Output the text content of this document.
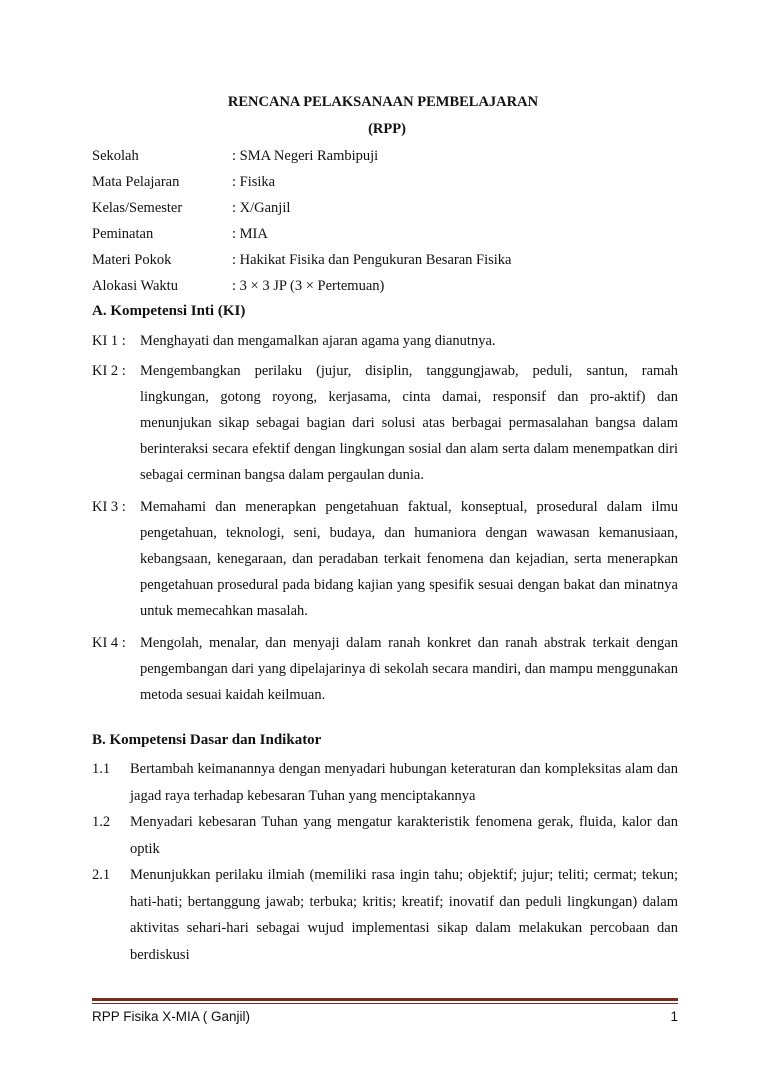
RENCANA PELAKSANAAN PEMBELAJARAN
(RPP)
Sekolah	: SMA Negeri Rambipuji
Mata Pelajaran	: Fisika
Kelas/Semester	: X/Ganjil
Peminatan	: MIA
Materi Pokok	: Hakikat Fisika dan Pengukuran Besaran Fisika
Alokasi Waktu	: 3 × 3 JP (3 × Pertemuan)
A. Kompetensi Inti (KI)
KI 1 : Menghayati dan mengamalkan ajaran agama yang dianutnya.
KI 2 : Mengembangkan perilaku (jujur, disiplin, tanggungjawab, peduli, santun, ramah lingkungan, gotong royong, kerjasama, cinta damai, responsif dan pro-aktif) dan menunjukan sikap sebagai bagian dari solusi atas berbagai permasalahan bangsa dalam berinteraksi secara efektif dengan lingkungan sosial dan alam serta dalam menempatkan diri sebagai cerminan bangsa dalam pergaulan dunia.
KI 3 : Memahami dan menerapkan pengetahuan faktual, konseptual, prosedural dalam ilmu pengetahuan, teknologi, seni, budaya, dan humaniora dengan wawasan kemanusiaan, kebangsaan, kenegaraan, dan peradaban terkait fenomena dan kejadian, serta menerapkan pengetahuan prosedural pada bidang kajian yang spesifik sesuai dengan bakat dan minatnya untuk memecahkan masalah.
KI 4 : Mengolah, menalar, dan menyaji dalam ranah konkret dan ranah abstrak terkait dengan pengembangan dari yang dipelajarinya di sekolah secara mandiri, dan mampu menggunakan metoda sesuai kaidah keilmuan.
B. Kompetensi Dasar dan Indikator
1.1	Bertambah keimanannya dengan menyadari hubungan keteraturan dan kompleksitas alam dan jagad raya terhadap kebesaran Tuhan yang menciptakannya
1.2	Menyadari kebesaran Tuhan yang mengatur karakteristik fenomena gerak, fluida, kalor dan optik
2.1	Menunjukkan perilaku ilmiah (memiliki rasa ingin tahu; objektif; jujur; teliti; cermat; tekun; hati-hati; bertanggung jawab; terbuka; kritis; kreatif; inovatif dan peduli lingkungan) dalam aktivitas sehari-hari sebagai wujud implementasi sikap dalam melakukan percobaan dan berdiskusi
RPP Fisika X-MIA ( Ganjil)	1
